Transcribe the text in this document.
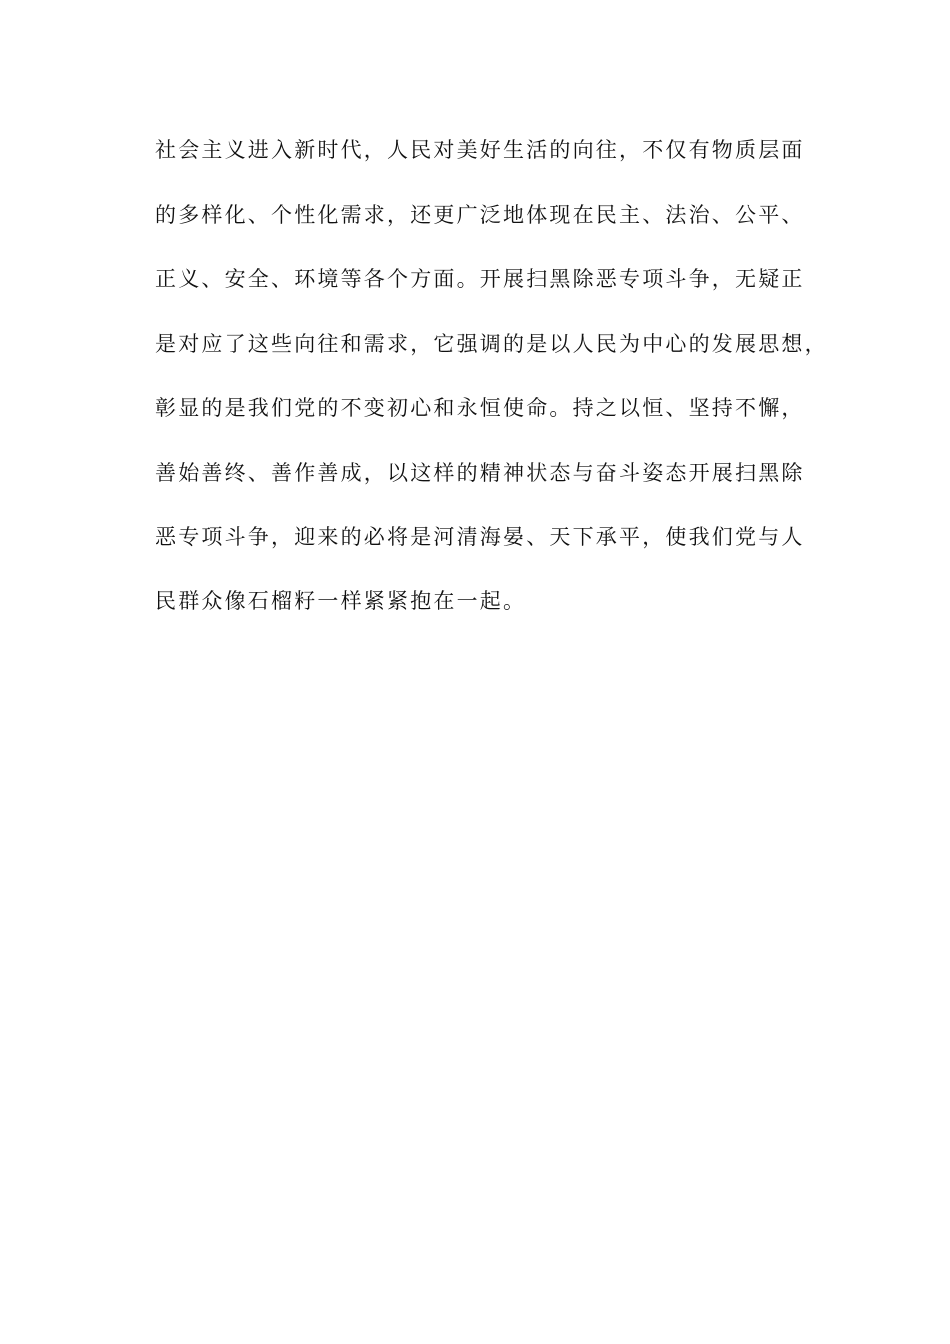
社会主义进入新时代，人民对美好生活的向往，不仅有物质层面
的多样化、个性化需求，还更广泛地体现在民主、法治、公平、
正义、安全、环境等各个方面。开展扫黑除恶专项斗争，无疑正
是对应了这些向往和需求，它强调的是以人民为中心的发展思想，
彰显的是我们党的不变初心和永恒使命。持之以恒、坚持不懈，
善始善终、善作善成，以这样的精神状态与奋斗姿态开展扫黑除
恶专项斗争，迎来的必将是河清海晏、天下承平，使我们党与人
民群众像石榴籽一样紧紧抱在一起。
